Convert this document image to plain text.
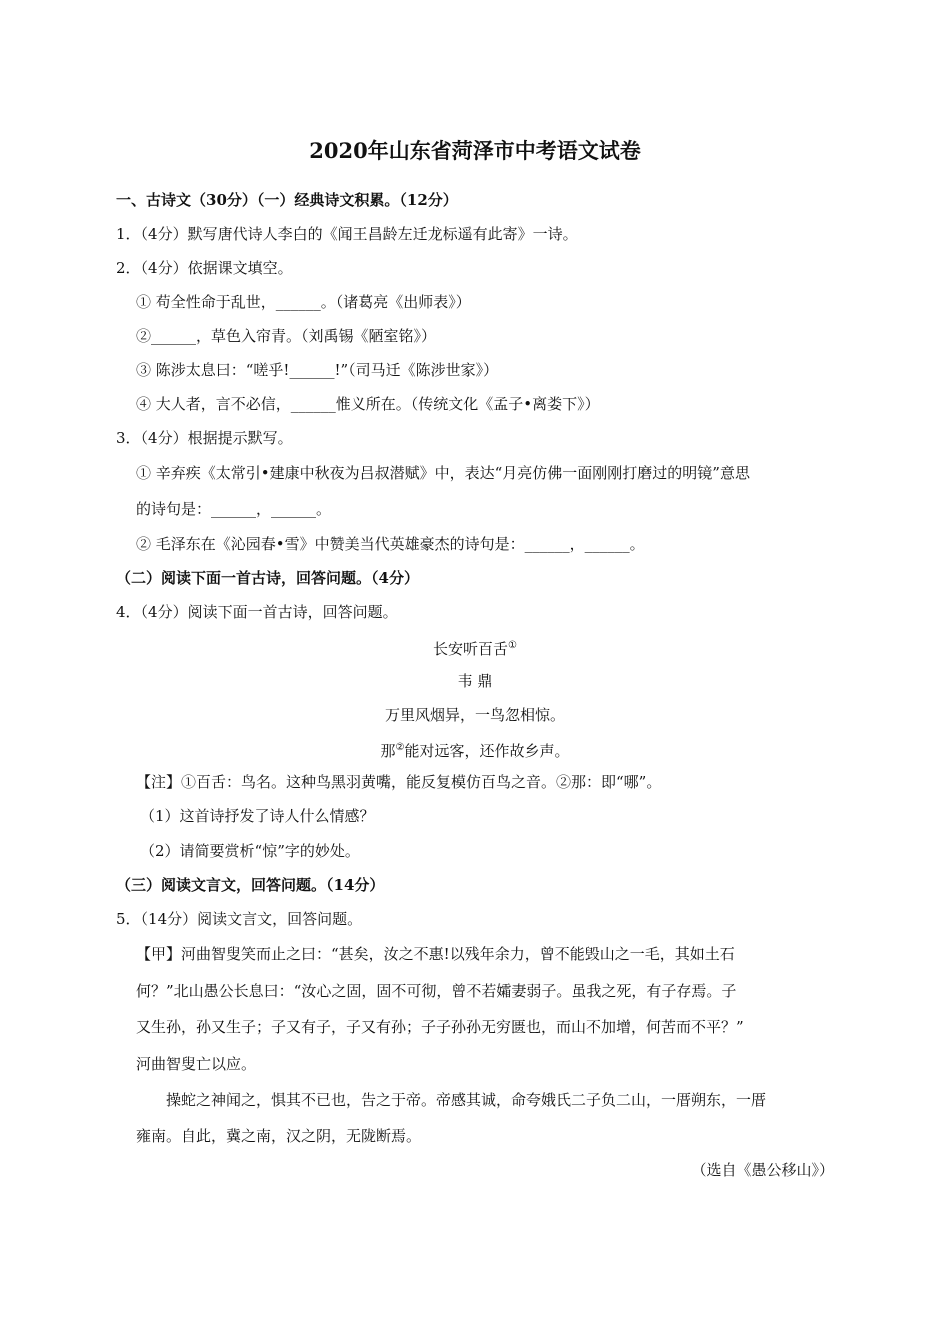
2020年山东省菏泽市中考语文试卷
一、古诗文（30分）（一）经典诗文积累。（12分）
1．（4分）默写唐代诗人李白的《闻王昌龄左迁龙标遥有此寄》一诗。
2．（4分）依据课文填空。
① 苟全性命于乱世，______。（诸葛亮《出师表》）
②______，草色入帘青。（刘禹锡《陋室铭》）
③ 陈涉太息曰：“嗟乎!______!”（司马迁《陈涉世家》）
④ 大人者，言不必信，______惟义所在。（传统文化《孟子•离娄下》）
3．（4分）根据提示默写。
① 辛弃疾《太常引•建康中秋夜为吕叔潜赋》中，表达“月亮仿佛一面刚刚打磨过的明镜”意思
的诗句是：______，______。
② 毛泽东在《沁园春•雪》中赞美当代英雄豪杰的诗句是：______，______。
（二）阅读下面一首古诗，回答问题。（4分）
4．（4分）阅读下面一首古诗，回答问题。
长安听百舌①
韦 鼎
万里风烟异，一鸟忽相惊。
那②能对远客，还作故乡声。
【注】①百舌：鸟名。这种鸟黑羽黄嘴，能反复模仿百鸟之音。②那：即“哪”。
（1）这首诗抒发了诗人什么情感？
（2）请简要赏析“惊”字的妙处。
（三）阅读文言文，回答问题。（14分）
5．（14分）阅读文言文，回答问题。
【甲】河曲智叟笑而止之曰：“甚矣，汝之不惠!以残年余力，曾不能毁山之一毛，其如土石
何？”北山愚公长息曰：“汝心之固，固不可彻，曾不若孀妻弱子。虽我之死，有子存焉。子
又生孙，孙又生子；子又有子，子又有孙；子子孙孙无穷匮也，而山不加增，何苦而不平？”
河曲智叟亡以应。
操蛇之神闻之，惧其不已也，告之于帝。帝感其诚，命夸娥氏二子负二山，一厝朔东，一厝
雍南。自此，冀之南，汉之阴，无陇断焉。
（选自《愚公移山》）
